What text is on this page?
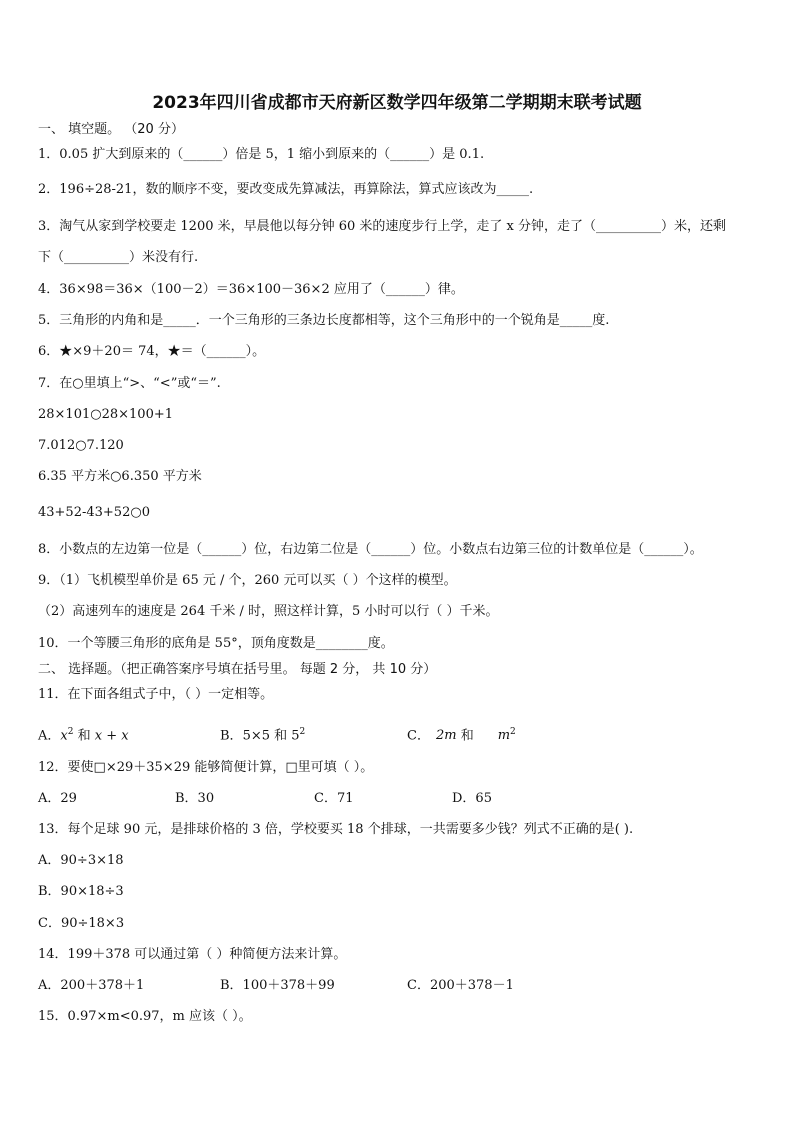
2023年四川省成都市天府新区数学四年级第二学期期末联考试题
一、 填空题。 （20 分）
1．0.05 扩大到原来的（______）倍是 5，1 缩小到原来的（______）是 0.1.
2．196÷28-21，数的顺序不变，要改变成先算减法，再算除法，算式应该改为_____.
3．淘气从家到学校要走 1200 米，早晨他以每分钟 60 米的速度步行上学，走了 x 分钟，走了（__________）米，还剩
下（__________）米没有行.
4．36×98＝36×（100－2）＝36×100－36×2 应用了（______）律。
5．三角形的内角和是_____．一个三角形的三条边长度都相等，这个三角形中的一个锐角是_____度.
6．★×9＋20＝ 74，★＝（______）。
7．在○里填上“>、“<”或“＝”.
28×101○28×100+1
7.012○7.120
6.35 平方米○6.350 平方米
43+52-43+52○0
8．小数点的左边第一位是（______）位，右边第二位是（______）位。小数点右边第三位的计数单位是（______）。
9．（1）飞机模型单价是 65 元 / 个，260 元可以买（ ）个这样的模型。
（2）高速列车的速度是 264 千米 / 时，照这样计算，5 小时可以行（ ）千米。
10．一个等腰三角形的底角是 55°，顶角度数是________度。
二、 选择题。（把正确答案序号填在括号里。 每题 2 分， 共 10 分）
11．在下面各组式子中，（ ）一定相等。
A．$x^2$ 和 x + x	B．5×5 和 $5^2$	C． 2m 和 $m^2$
12．要使□×29＋35×29 能够简便计算，□里可填（ ）。
A．29	B．30	C．71	D．65
13．每个足球 90 元，是排球价格的 3 倍，学校要买 18 个排球，一共需要多少钱？列式不正确的是( ).
A．90÷3×18
B．90×18÷3
C．90÷18×3
14．199＋378 可以通过第（ ）种简便方法来计算。
A．200＋378＋1	B．100＋378＋99	C．200＋378－1
15．0.97×m<0.97，m 应该（ ）。
